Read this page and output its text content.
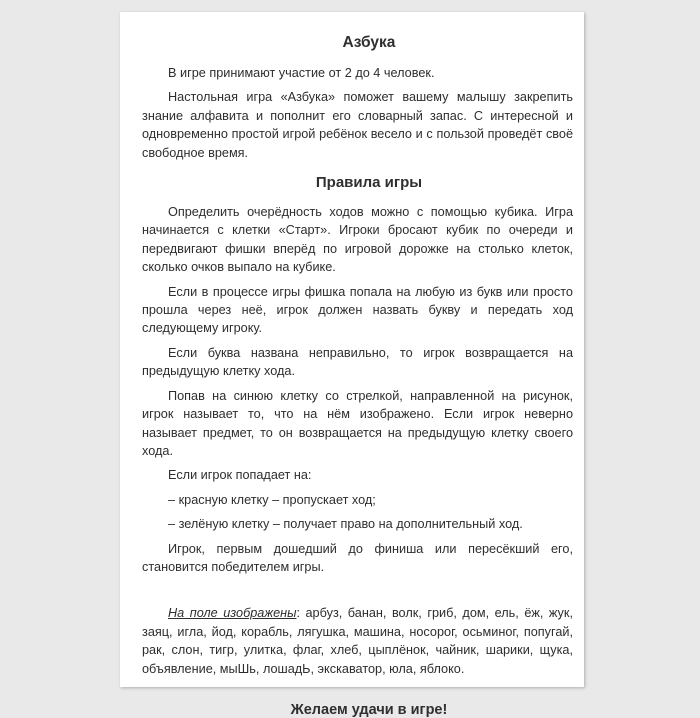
Азбука

В игре принимают участие от 2 до 4 человек.

Настольная игра «Азбука» поможет вашему малышу закрепить знание алфавита и пополнит его словарный запас. С интересной и одновременно простой игрой ребёнок весело и с пользой проведёт своё свободное время.

Правила игры

Определить очерёдность ходов можно с помощью кубика. Игра начинается с клетки «Старт». Игроки бросают кубик по очереди и передвигают фишки вперёд по игровой дорожке на столько клеток, сколько очков выпало на кубике.

Если в процессе игры фишка попала на любую из букв или просто прошла через неё, игрок должен назвать букву и передать ход следующему игроку.

Если буква названа неправильно, то игрок возвращается на предыдущую клетку хода.

Попав на синюю клетку со стрелкой, направленной на рисунок, игрок называет то, что на нём изображено. Если игрок неверно называет предмет, то он возвращается на предыдущую клетку своего хода.

Если игрок попадает на:

– красную клетку – пропускает ход;
– зелёную клетку – получает право на дополнительный ход.

Игрок, первым дошедший до финиша или пересёкший его, становится победителем игры.

На поле изображены: арбуз, банан, волк, гриб, дом, ель, ёж, жук, заяц, игла, йод, корабль, лягушка, машина, носорог, осьминог, попугай, рак, слон, тигр, улитка, флаг, хлеб, цыплёнок, чайник, шарики, щука, объявление, мыШь, лошадЬ, экскаватор, юла, яблоко.

Желаем удачи в игре!
